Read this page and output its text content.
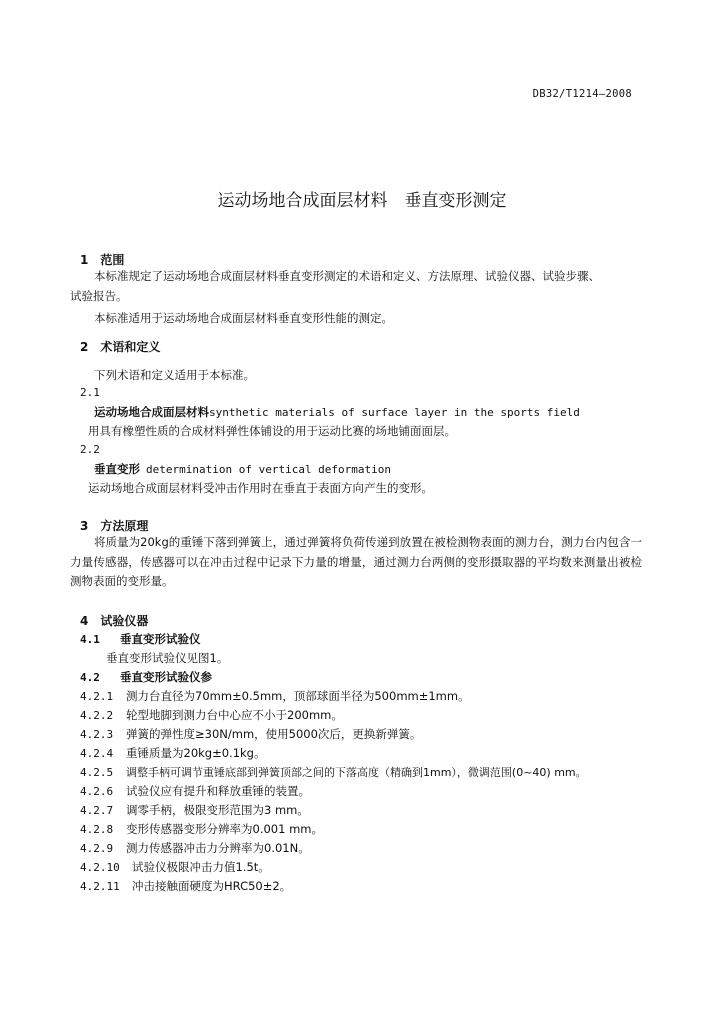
DB32/T1214—2008
运动场地合成面层材料　垂直变形测定
1　范围
本标准规定了运动场地合成面层材料垂直变形测定的术语和定义、方法原理、试验仪器、试验步骤、
试验报告。
本标准适用于运动场地合成面层材料垂直变形性能的测定。
2　术语和定义
下列术语和定义适用于本标准。
2.1
运动场地合成面层材料synthetic materials of surface layer in the sports field
用具有橡塑性质的合成材料弹性体铺设的用于运动比赛的场地铺面面层。
2.2
垂直变形 determination of vertical deformation
运动场地合成面层材料受冲击作用时在垂直于表面方向产生的变形。
3　方法原理
将质量为20kg的重锤下落到弹簧上，通过弹簧将负荷传递到放置在被检测物表面的测力台，测力台内包含一力量传感器，传感器可以在冲击过程中记录下力量的增量，通过测力台两侧的变形摄取器的平均数来测量出被检测物表面的变形量。
4　试验仪器
4.1 垂直变形试验仪
垂直变形试验仪见图1。
4.2 垂直变形试验仪参
4.2.1 测力台直径为70mm±0.5mm，顶部球面半径为500mm±1mm。
4.2.2 轮型地脚到测力台中心应不小于200mm。
4.2.3 弹簧的弹性度≥30N/mm，使用5000次后，更换新弹簧。
4.2.4 重锤质量为20kg±0.1kg。
4.2.5 调整手柄可调节重锤底部到弹簧顶部之间的下落高度（精确到1mm），微调范围(0~40) mm。
4.2.6 试验仪应有提升和释放重锤的装置。
4.2.7 调零手柄，极限变形范围为3 mm。
4.2.8 变形传感器变形分辨率为0.001 mm。
4.2.9 测力传感器冲击力分辨率为0.01N。
4.2.10 试验仪极限冲击力值1.5t。
4.2.11 冲击接触面硬度为HRC50±2。
